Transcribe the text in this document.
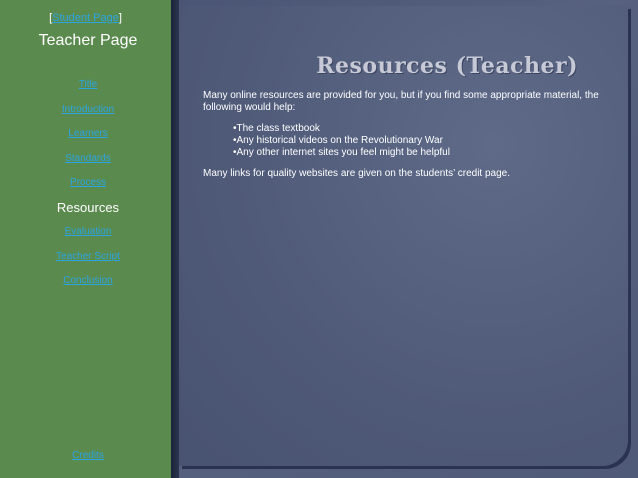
[Student Page]
Teacher Page
Title
Introduction
Learners
Standards
Process
Resources
Evaluation
Teacher Script
Conclusion
Credits
Resources (Teacher)

Many online resources are provided for you, but if you find some appropriate material, the following would help:

•The class textbook
•Any historical videos on the Revolutionary War
•Any other internet sites you feel might be helpful

Many links for quality websites are given on the students’ credit page.
